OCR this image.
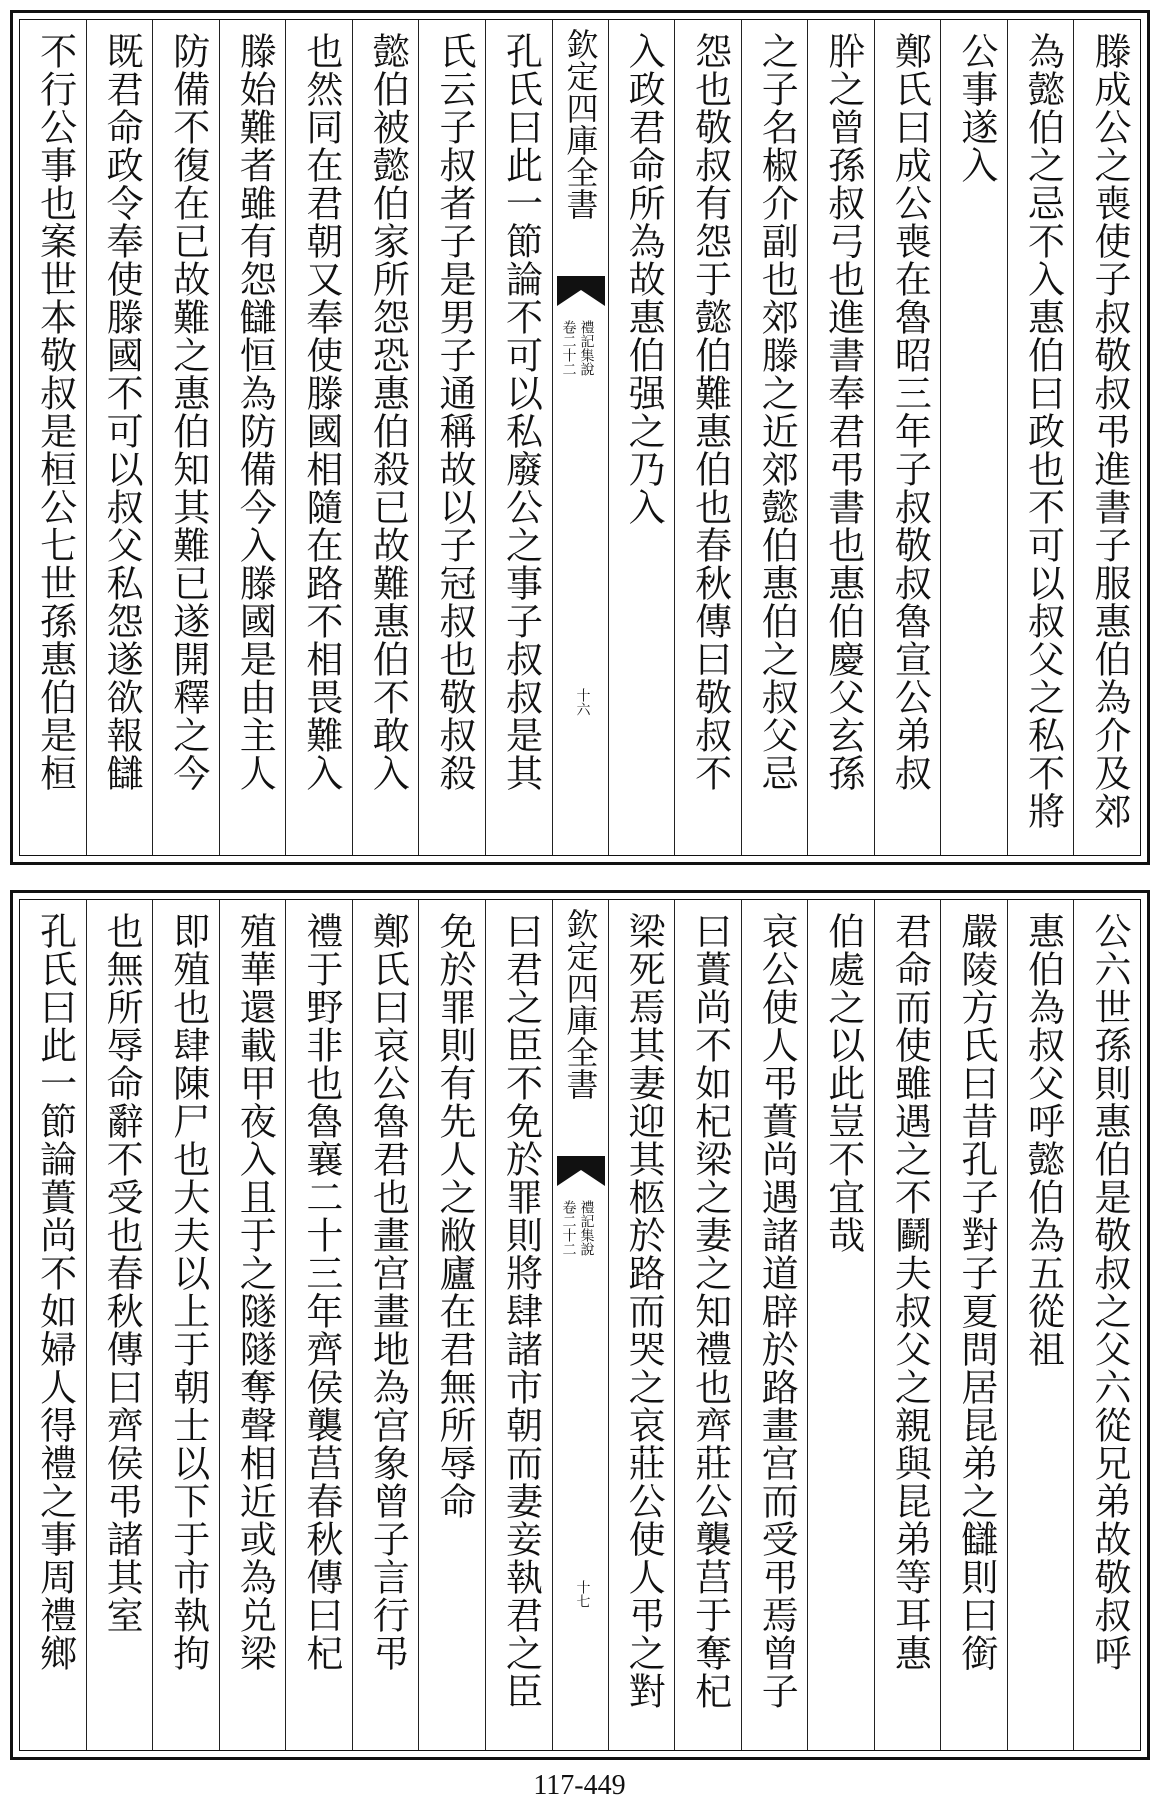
滕成公之喪使子叔敬叔弔進書子服惠伯為介及郊
為懿伯之忌不入惠伯曰政也不可以叔父之私不將
公事遂入
鄭氏曰成公喪在魯昭三年子叔敬叔魯宣公弟叔
肸之曾孫叔弓也進書奉君弔書也惠伯慶父玄孫
之子名椒介副也郊滕之近郊懿伯惠伯之叔父忌
怨也敬叔有怨于懿伯難惠伯也春秋傳曰敬叔不
入政君命所為故惠伯强之乃入
欽定四庫全書
禮記集說
卷二十二
十六
孔氏曰此一節論不可以私廢公之事子叔叔是其
氏云子叔者子是男子通稱故以子冠叔也敬叔殺
懿伯被懿伯家所怨恐惠伯殺已故難惠伯不敢入
也然同在君朝又奉使滕國相隨在路不相畏難入
滕始難者雖有怨讎恒為防備今入滕國是由主人
防備不復在已故難之惠伯知其難已遂開釋之今
既君命政令奉使滕國不可以叔父私怨遂欲報讎
不行公事也案世本敬叔是桓公七世孫惠伯是桓
公六世孫則惠伯是敬叔之父六從兄弟故敬叔呼
惠伯為叔父呼懿伯為五從祖
嚴陵方氏曰昔孔子對子夏問居昆弟之讎則曰銜
君命而使雖遇之不鬬夫叔父之親與昆弟等耳惠
伯處之以此豈不宜哉
哀公使人弔蕢尚遇諸道辟於路畫宫而受弔焉曾子
曰蕢尚不如杞梁之妻之知禮也齊莊公襲莒于奪杞
梁死焉其妻迎其柩於路而哭之哀莊公使人弔之對
欽定四庫全書
禮記集說
卷二十二
十七
曰君之臣不免於罪則將肆諸市朝而妻妾執君之臣
免於罪則有先人之敝廬在君無所辱命
鄭氏曰哀公魯君也畫宫畫地為宫象曾子言行弔
禮于野非也魯襄二十三年齊侯襲莒春秋傳曰杞
殖華還載甲夜入且于之隧隧奪聲相近或為兑梁
即殖也肆陳尸也大夫以上于朝士以下于市執拘
也無所辱命辭不受也春秋傳曰齊侯弔諸其室
孔氏曰此一節論蕢尚不如婦人得禮之事周禮鄉
117-449
